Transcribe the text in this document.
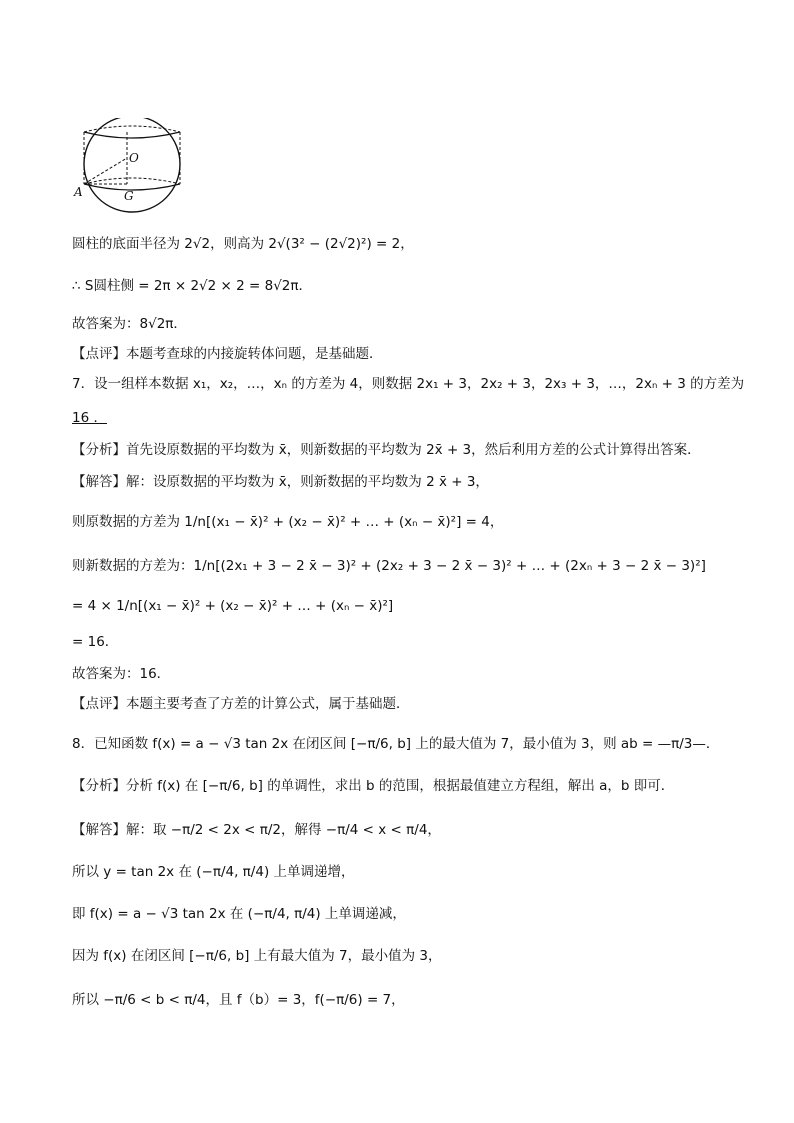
O
A	G
圆柱的底面半径为 2√2，则高为 2√(3² − (2√2)²) = 2，
∴ S圆柱侧 = 2π × 2√2 × 2 = 8√2π．
故答案为：8√2π．
【点评】本题考查球的内接旋转体问题，是基础题．
7．设一组样本数据 x₁，x₂，…，xₙ 的方差为 4，则数据 2x₁ + 3，2x₂ + 3，2x₃ + 3，…，2xₙ + 3 的方差为
16 ．
【分析】首先设原数据的平均数为 x̄，则新数据的平均数为 2x̄ + 3，然后利用方差的公式计算得出答案．
【解答】解：设原数据的平均数为 x̄，则新数据的平均数为 2 x̄ + 3，
则原数据的方差为 1/n[(x₁ − x̄)² + (x₂ − x̄)² + … + (xₙ − x̄)²] = 4，
则新数据的方差为：1/n[(2x₁ + 3 − 2 x̄ − 3)² + (2x₂ + 3 − 2 x̄ − 3)² + … + (2xₙ + 3 − 2 x̄ − 3)²]
= 4 × 1/n[(x₁ − x̄)² + (x₂ − x̄)² + … + (xₙ − x̄)²]
= 16．
故答案为：16．
【点评】本题主要考查了方差的计算公式，属于基础题．
8．已知函数 f(x) = a − √3 tan 2x 在闭区间 [−π/6, b] 上的最大值为 7，最小值为 3，则 ab = —π/3—．
【分析】分析 f(x) 在 [−π/6, b] 的单调性，求出 b 的范围，根据最值建立方程组，解出 a，b 即可．
【解答】解：取 −π/2 < 2x < π/2，解得 −π/4 < x < π/4，
所以 y = tan 2x 在 (−π/4, π/4) 上单调递增，
即 f(x) = a − √3 tan 2x 在 (−π/4, π/4) 上单调递减，
因为 f(x) 在闭区间 [−π/6, b] 上有最大值为 7，最小值为 3，
所以 −π/6 < b < π/4，且 f（b）= 3，f(−π/6) = 7，
